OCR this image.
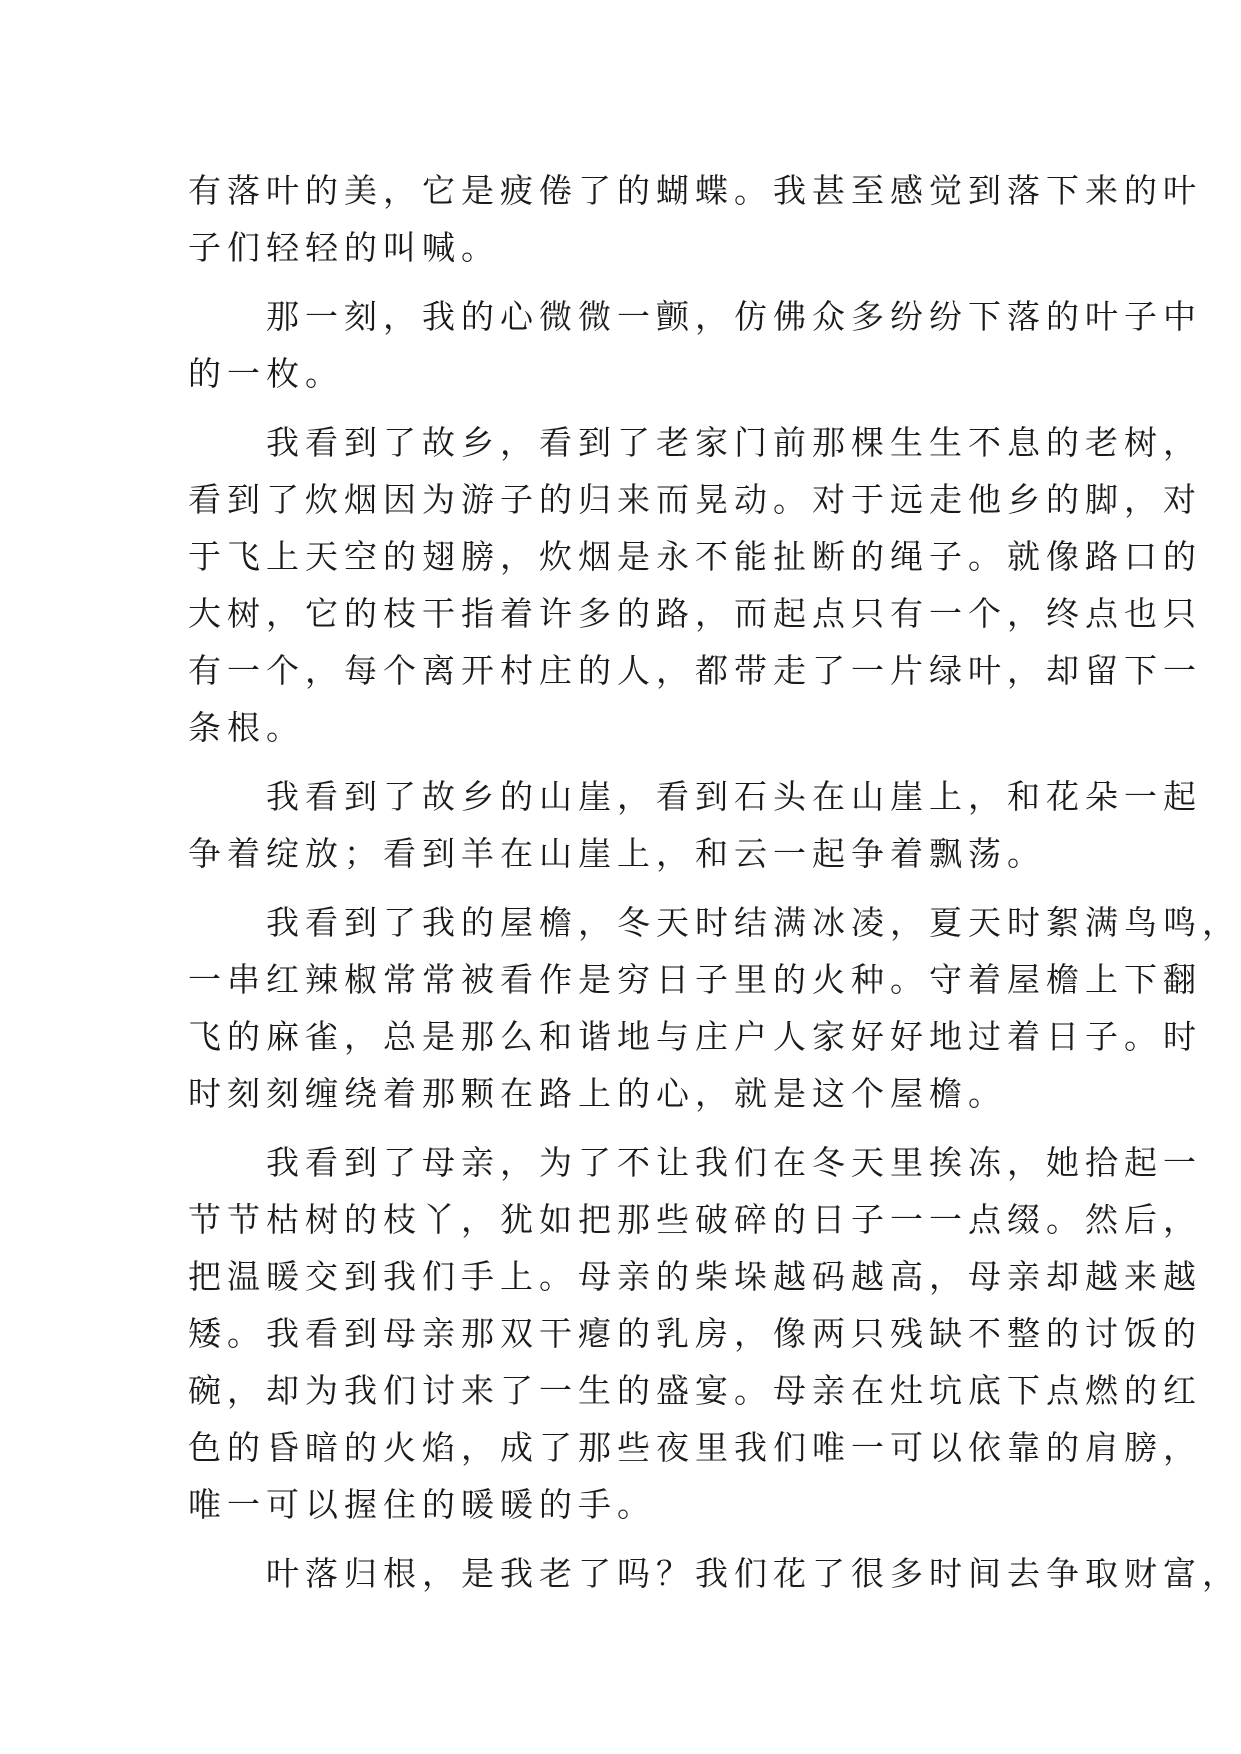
有落叶的美，它是疲倦了的蝴蝶。我甚至感觉到落下来的叶
子们轻轻的叫喊。
　　那一刻，我的心微微一颤，仿佛众多纷纷下落的叶子中
的一枚。
　　我看到了故乡，看到了老家门前那棵生生不息的老树，
看到了炊烟因为游子的归来而晃动。对于远走他乡的脚，对
于飞上天空的翅膀，炊烟是永不能扯断的绳子。就像路口的
大树，它的枝干指着许多的路，而起点只有一个，终点也只
有一个，每个离开村庄的人，都带走了一片绿叶，却留下一
条根。
　　我看到了故乡的山崖，看到石头在山崖上，和花朵一起
争着绽放；看到羊在山崖上，和云一起争着飘荡。
　　我看到了我的屋檐，冬天时结满冰凌，夏天时絮满鸟鸣，
一串红辣椒常常被看作是穷日子里的火种。守着屋檐上下翻
飞的麻雀，总是那么和谐地与庄户人家好好地过着日子。时
时刻刻缠绕着那颗在路上的心，就是这个屋檐。
　　我看到了母亲，为了不让我们在冬天里挨冻，她拾起一
节节枯树的枝丫，犹如把那些破碎的日子一一点缀。然后，
把温暖交到我们手上。母亲的柴垛越码越高，母亲却越来越
矮。我看到母亲那双干瘪的乳房，像两只残缺不整的讨饭的
碗，却为我们讨来了一生的盛宴。母亲在灶坑底下点燃的红
色的昏暗的火焰，成了那些夜里我们唯一可以依靠的肩膀，
唯一可以握住的暖暖的手。
　　叶落归根，是我老了吗？我们花了很多时间去争取财富，
